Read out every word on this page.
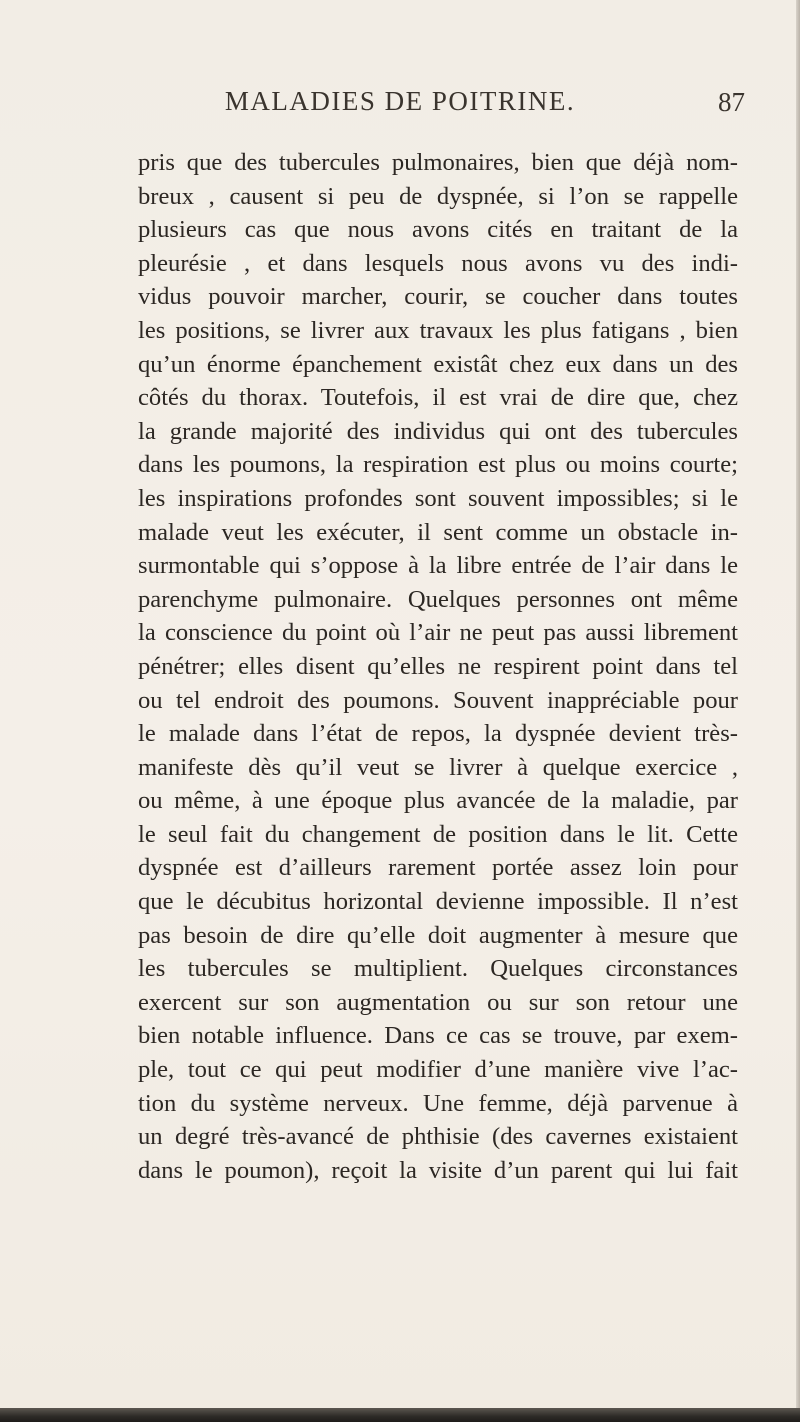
MALADIES DE POITRINE.	87
pris que des tubercules pulmonaires, bien que déjà nom-
breux , causent si peu de dyspnée, si l’on se rappelle
plusieurs cas que nous avons cités en traitant de la
pleurésie , et dans lesquels nous avons vu des indi-
vidus pouvoir marcher, courir, se coucher dans toutes
les positions, se livrer aux travaux les plus fatigans , bien
qu’un énorme épanchement existât chez eux dans un des
côtés du thorax. Toutefois, il est vrai de dire que, chez
la grande majorité des individus qui ont des tubercules
dans les poumons, la respiration est plus ou moins courte;
les inspirations profondes sont souvent impossibles; si le
malade veut les exécuter, il sent comme un obstacle in-
surmontable qui s’oppose à la libre entrée de l’air dans le
parenchyme pulmonaire. Quelques personnes ont même
la conscience du point où l’air ne peut pas aussi librement
pénétrer; elles disent qu’elles ne respirent point dans tel
ou tel endroit des poumons. Souvent inappréciable pour
le malade dans l’état de repos, la dyspnée devient très-
manifeste dès qu’il veut se livrer à quelque exercice ,
ou même, à une époque plus avancée de la maladie, par
le seul fait du changement de position dans le lit. Cette
dyspnée est d’ailleurs rarement portée assez loin pour
que le décubitus horizontal devienne impossible. Il n’est
pas besoin de dire qu’elle doit augmenter à mesure que
les tubercules se multiplient. Quelques circonstances
exercent sur son augmentation ou sur son retour une
bien notable influence. Dans ce cas se trouve, par exem-
ple, tout ce qui peut modifier d’une manière vive l’ac-
tion du système nerveux. Une femme, déjà parvenue à
un degré très-avancé de phthisie (des cavernes existaient
dans le poumon), reçoit la visite d’un parent qui lui fait
